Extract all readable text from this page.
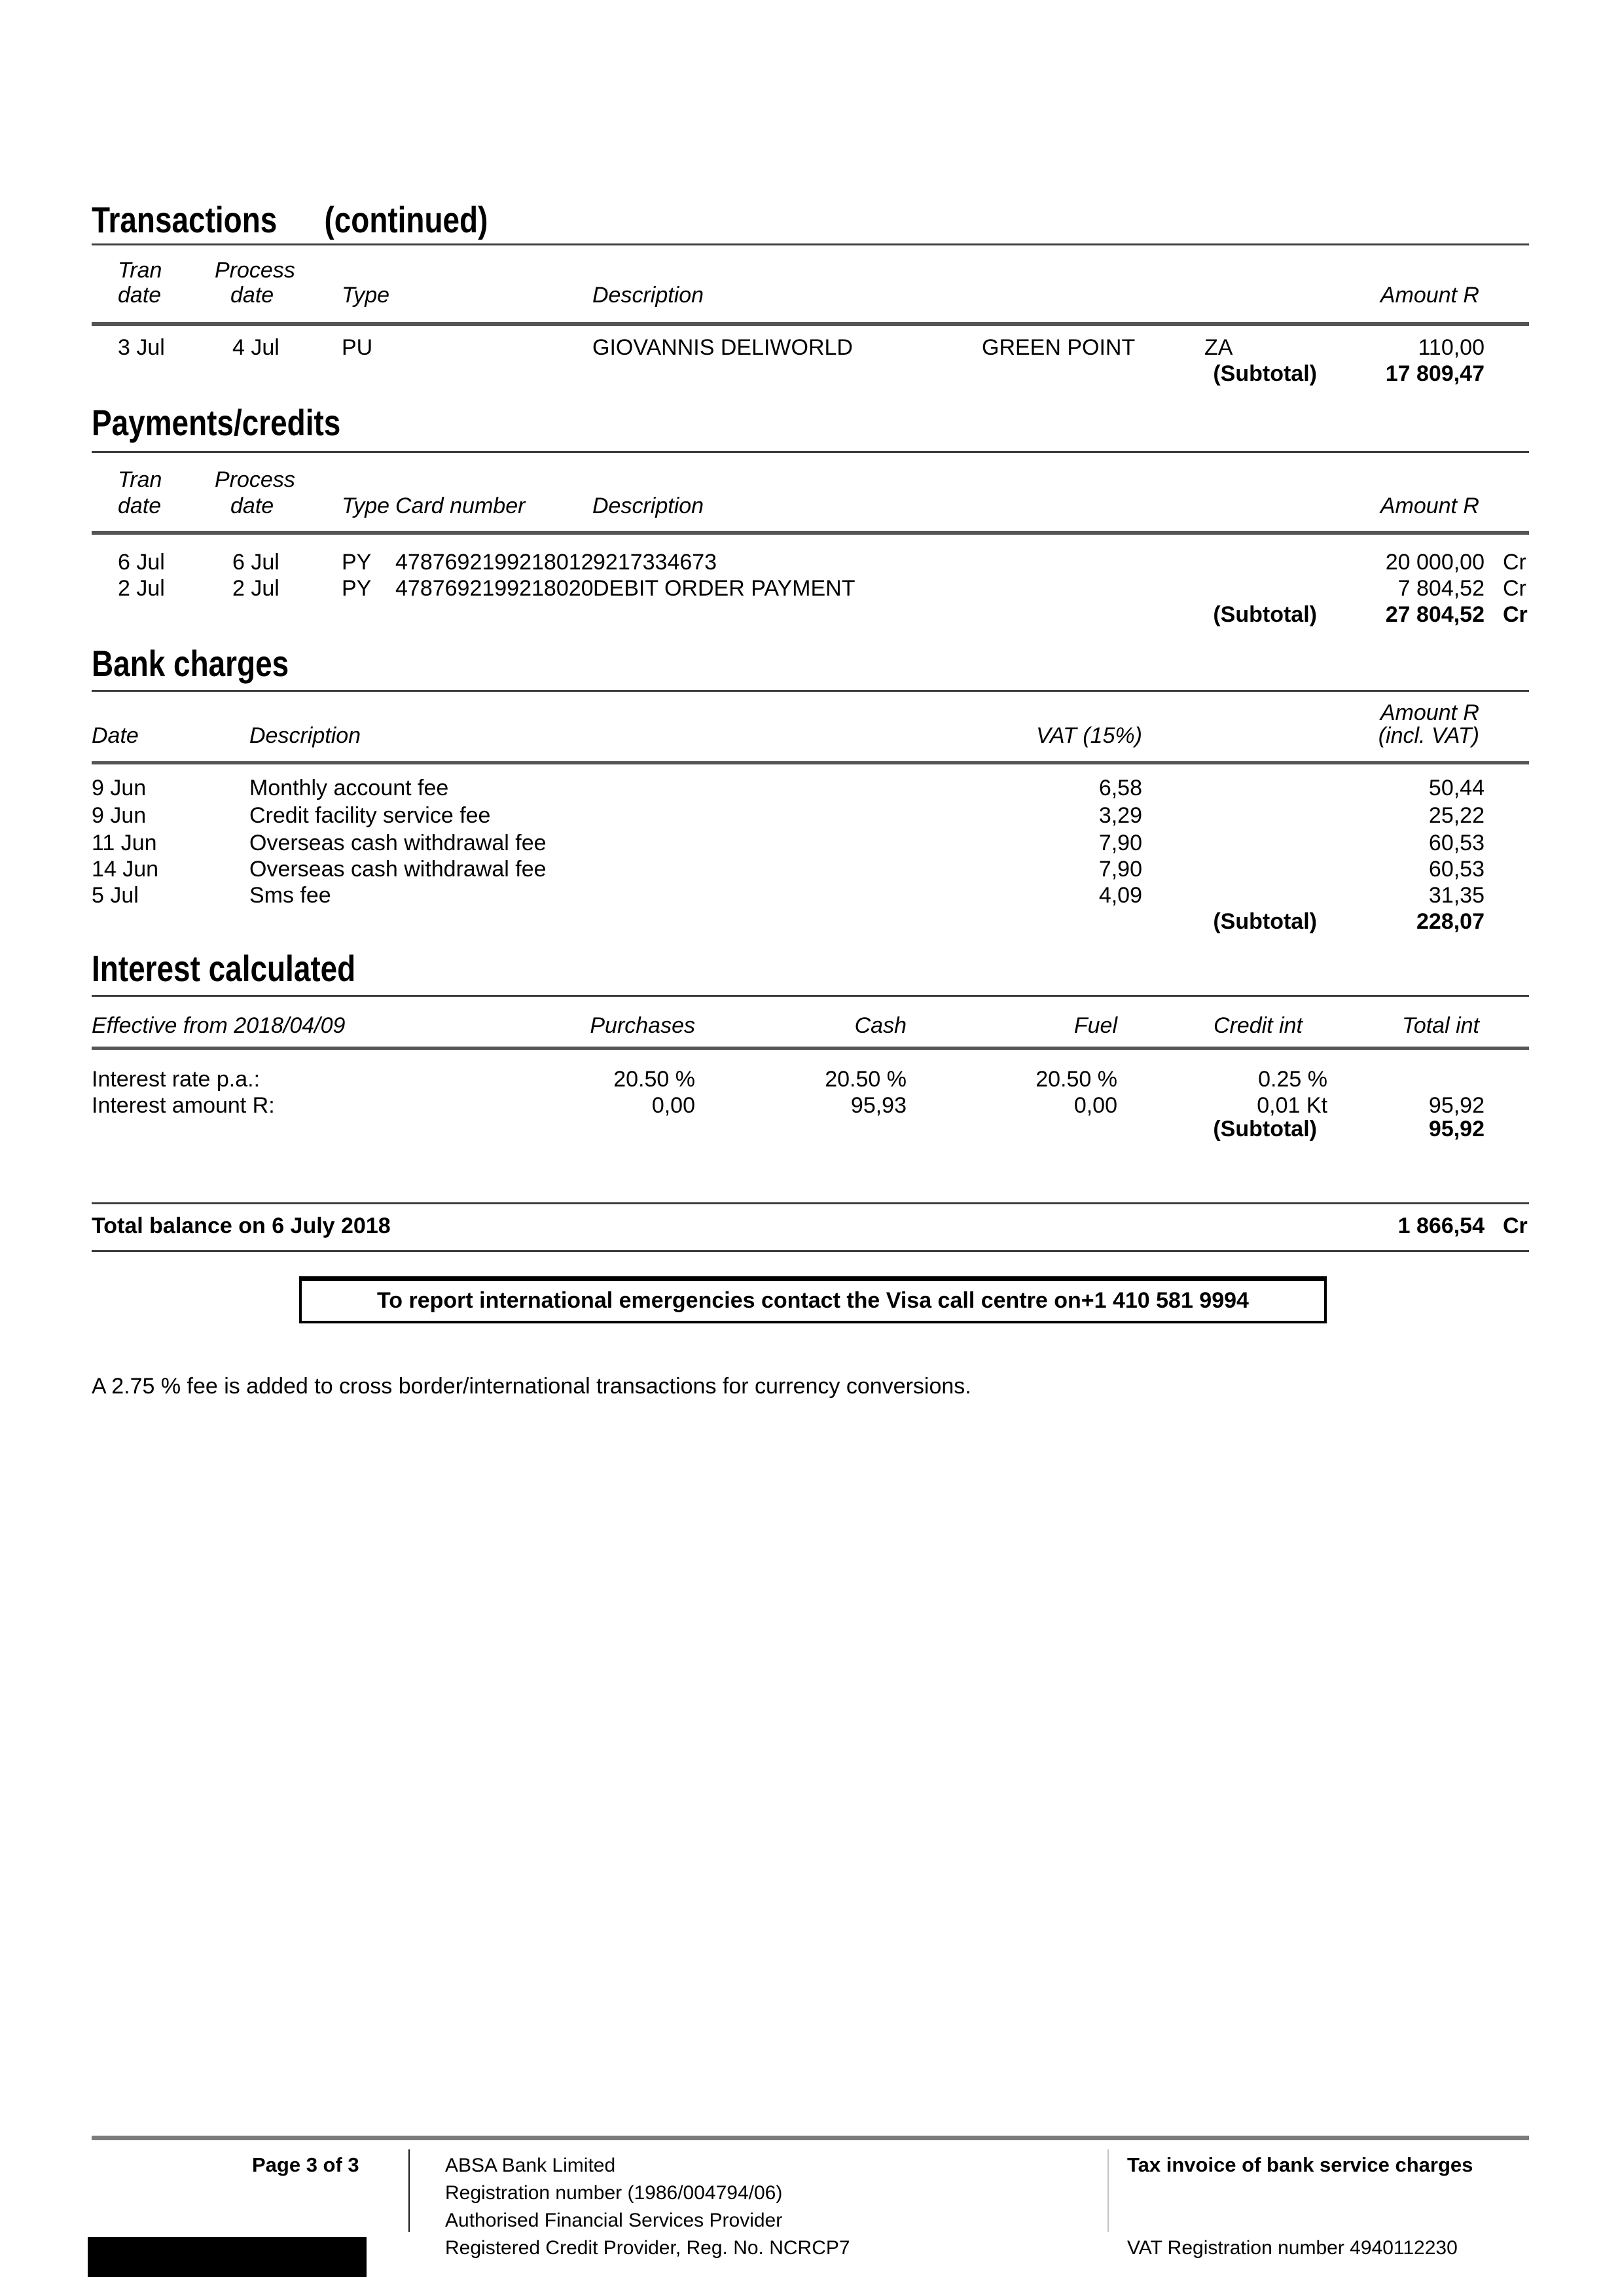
Transactions (continued)
Tran Process
date	date	Type	Description	Amount R
3 Jul	4 Jul	PU	GIOVANNIS DELIWORLD	GREEN POINT	ZA	110,00
(Subtotal)	17 809,47
Payments/credits
Tran Process
date	date	Type Card number	Description	Amount R
6 Jul	6 Jul	PY 4787692199218012 9217334673	20 000,00 Cr
2 Jul	2 Jul	PY 4787692199218020 DEBIT ORDER PAYMENT	7 804,52 Cr
(Subtotal)	27 804,52 Cr
Bank charges
Amount R
Date	Description	VAT (15%)	(incl. VAT)
9 Jun	Monthly account fee	6,58	50,44
9 Jun	Credit facility service fee	3,29	25,22
11 Jun	Overseas cash withdrawal fee	7,90	60,53
14 Jun	Overseas cash withdrawal fee	7,90	60,53
5 Jul	Sms fee	4,09	31,35
(Subtotal)	228,07
Interest calculated
Effective from 2018/04/09	Purchases	Cash	Fuel	Credit int	Total int
Interest rate p.a.:	20.50 %	20.50 %	20.50 %	0.25 %
Interest amount R:	0,00	95,93	0,00	0,01 Kt	95,92
(Subtotal)	95,92
Total balance on 6 July 2018	1 866,54 Cr
To report international emergencies contact the Visa call centre on+1 410 581 9994
A 2.75 % fee is added to cross border/international transactions for currency conversions.
Page 3 of 3	ABSA Bank Limited
Registration number (1986/004794/06)
Authorised Financial Services Provider
Registered Credit Provider, Reg. No. NCRCP7
Tax invoice of bank service charges
VAT Registration number 4940112230
